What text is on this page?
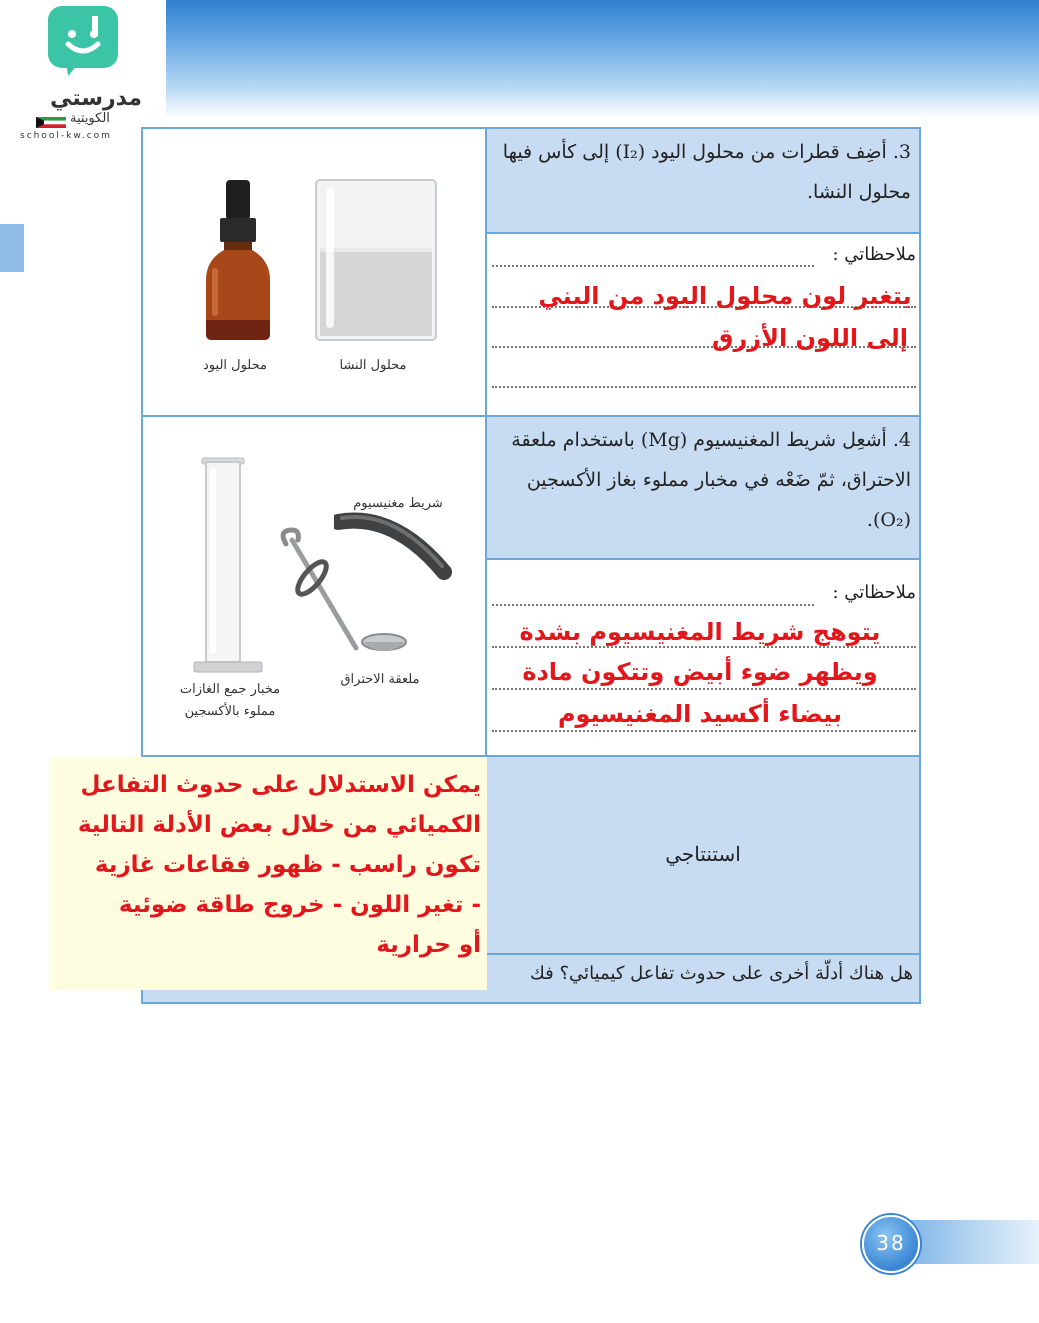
مدرستي
الكويتية
school-kw.com
3. أضِف قطرات من محلول اليود (I₂) إلى كأس فيها محلول النشا.
ملاحظاتي :
يتغير لون محلول اليود من البني
إلى اللون الأزرق
محلول اليود	محلول النشا
4. أشعِل شريط المغنيسيوم (Mg) باستخدام ملعقة الاحتراق، ثمّ ضَعْه في مخبار مملوء بغاز الأكسجين (O₂).
ملاحظاتي :
يتوهج شريط المغنيسيوم بشدة
ويظهر ضوء أبيض وتتكون مادة
بيضاء أكسيد المغنيسيوم
شريط مغنيسيوم
ملعقة الاحتراق
مخبار جمع الغازات
مملوء بالأكسجين
استنتاجي
هل هناك أدلّة أخرى على حدوث تفاعل كيميائي؟ فك
يمكن الاستدلال على حدوث التفاعل
الكميائي من خلال بعض الأدلة التالية
تكون راسب - ظهور فقاعات غازية
- تغير اللون - خروج طاقة ضوئية
أو حرارية
38
